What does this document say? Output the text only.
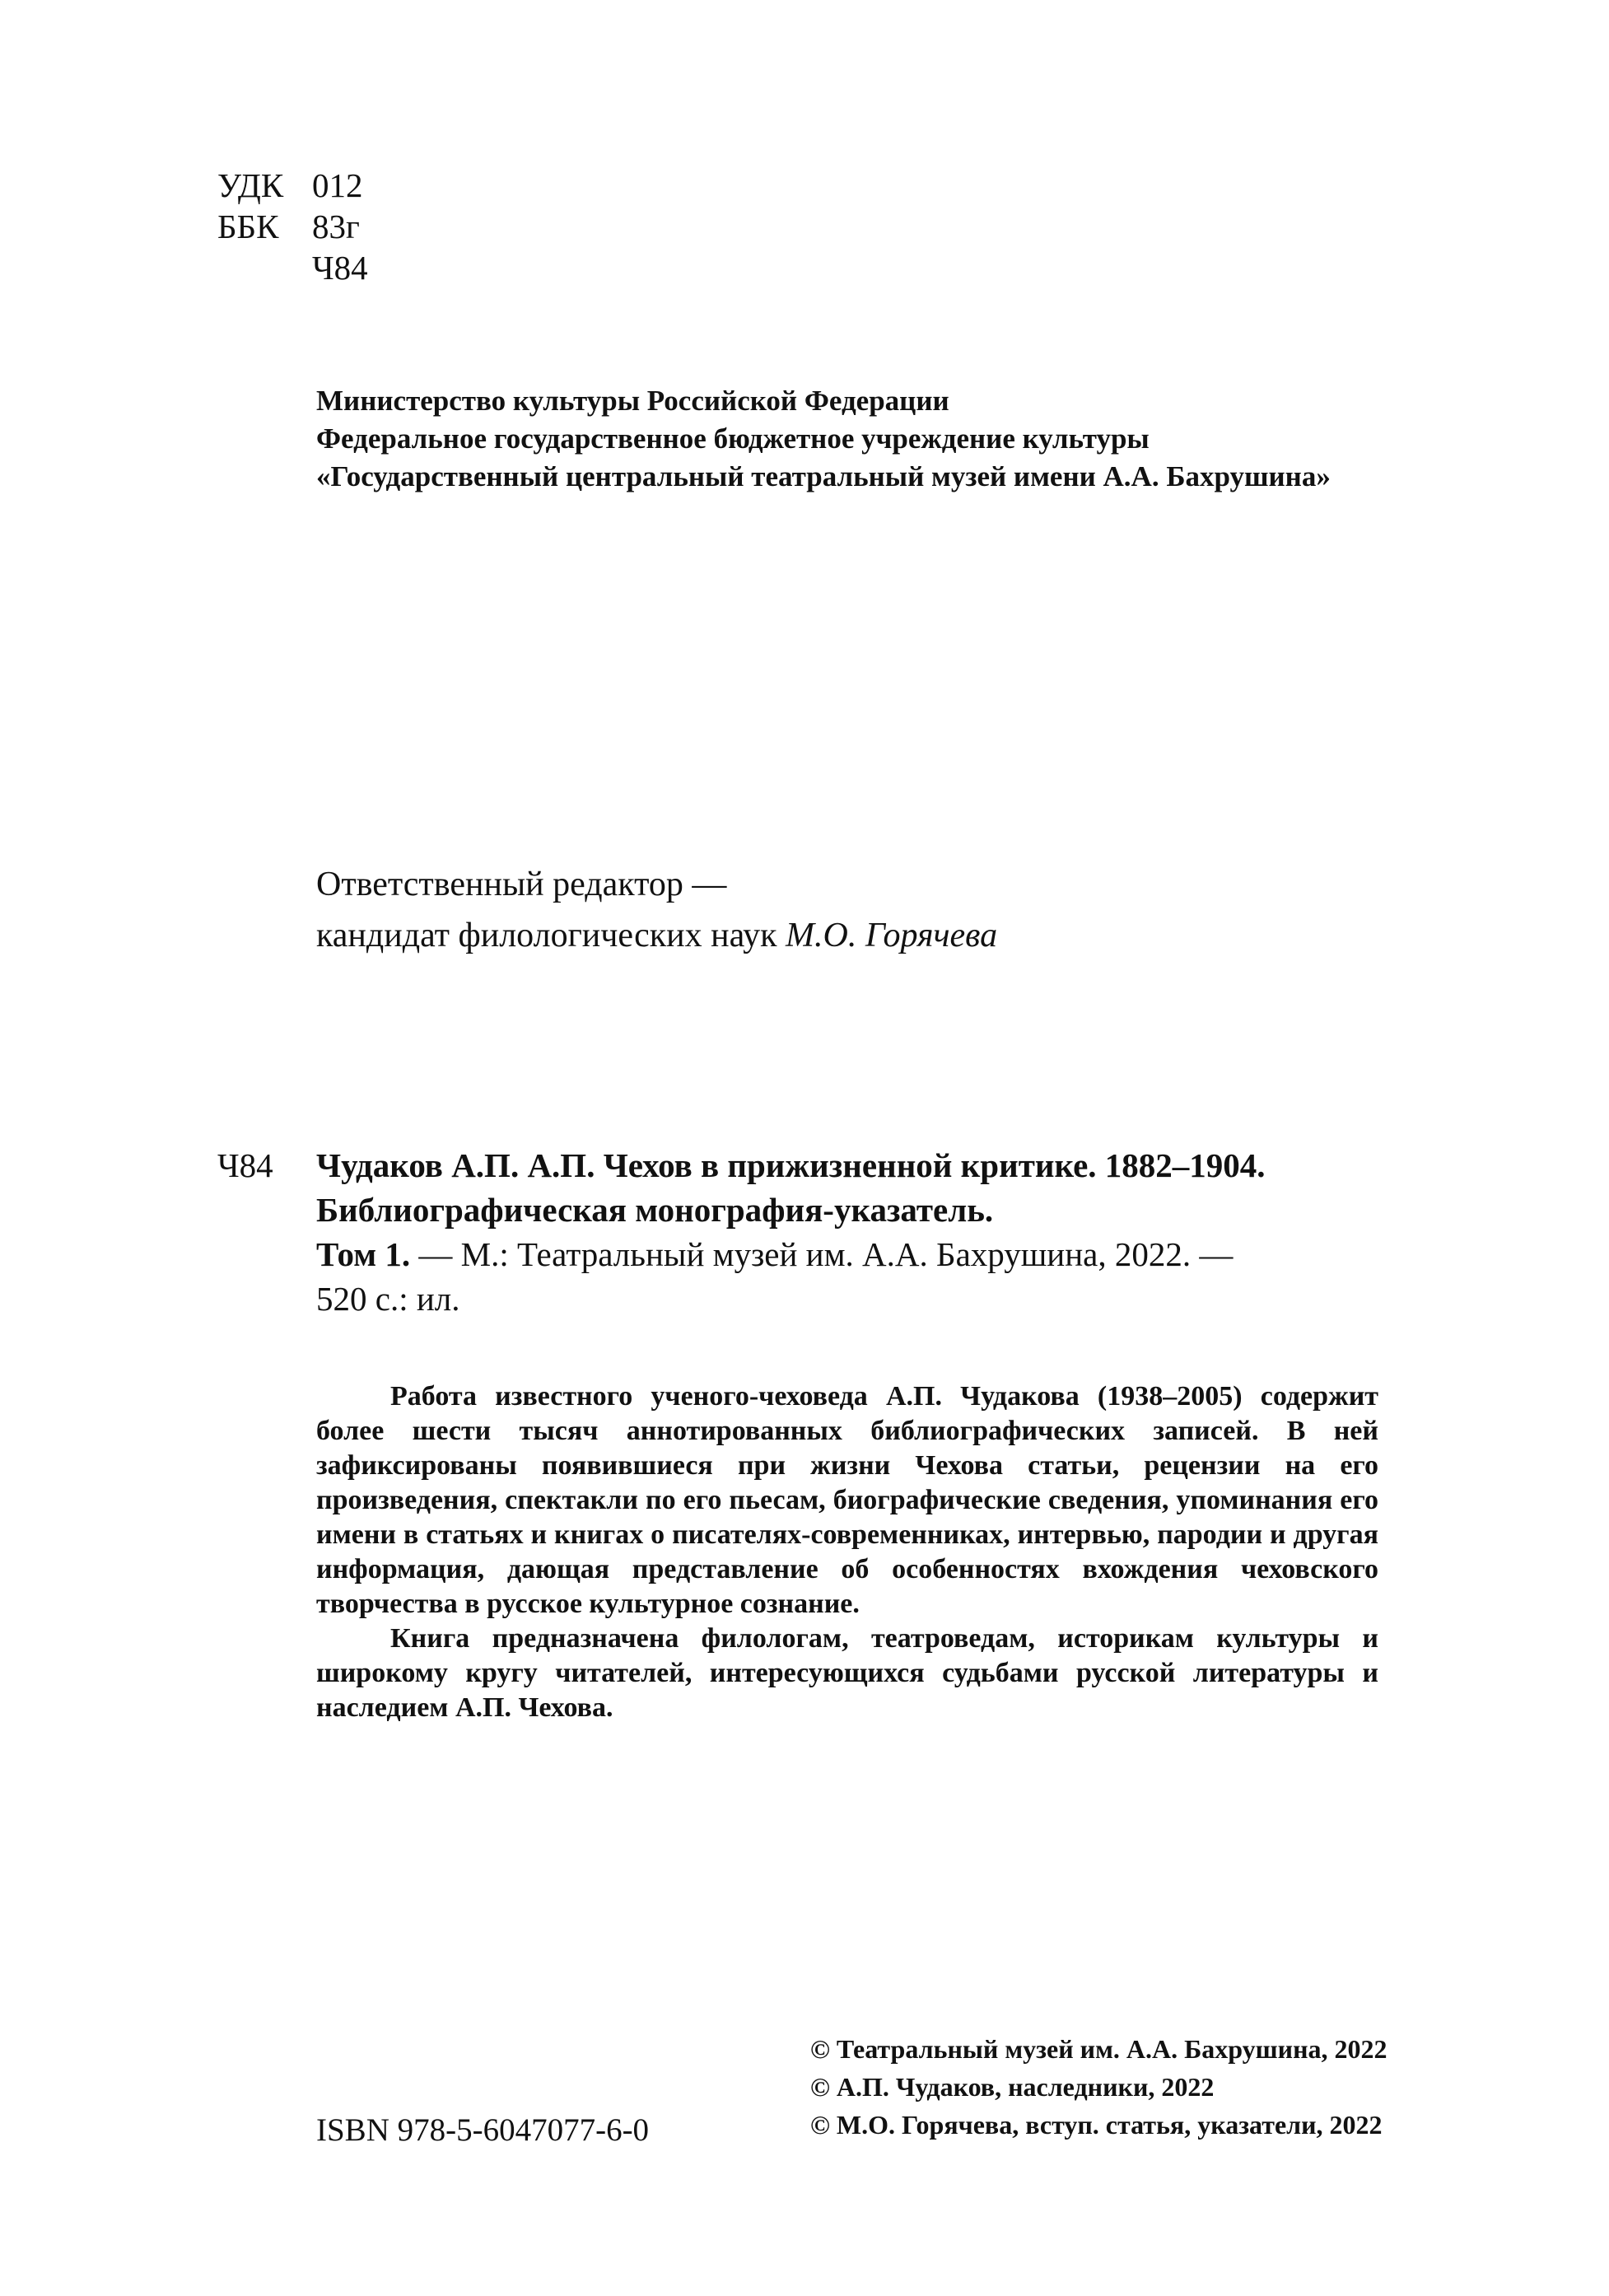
УДК 012
ББК 83г
Ч84
Министерство культуры Российской Федерации
Федеральное государственное бюджетное учреждение культуры
«Государственный центральный театральный музей имени А.А. Бахрушина»
Ответственный редактор —
кандидат филологических наук М.О. Горячева
Ч84 Чудаков А.П. А.П. Чехов в прижизненной критике. 1882–1904.
Библиографическая монография-указатель.
Том 1. — М.: Театральный музей им. А.А. Бахрушина, 2022. —
520 с.: ил.

Работа известного ученого-чеховеда А.П. Чудакова (1938–2005) содержит более шести тысяч аннотированных библиографических записей. В ней зафиксированы появившиеся при жизни Чехова статьи, рецензии на его произведения, спектакли по его пьесам, биографические сведения, упоминания его имени в статьях и книгах о писателях-современниках, интервью, пародии и другая информация, дающая представление об особенностях вхождения чеховского творчества в русское культурное сознание.

Книга предназначена филологам, театроведам, историкам культуры и широкому кругу читателей, интересующихся судьбами русской литературы и наследием А.П. Чехова.

ISBN 978-5-6047077-6-0
© Театральный музей им. А.А. Бахрушина, 2022
© А.П. Чудаков, наследники, 2022
© М.О. Горячева, вступ. статья, указатели, 2022
